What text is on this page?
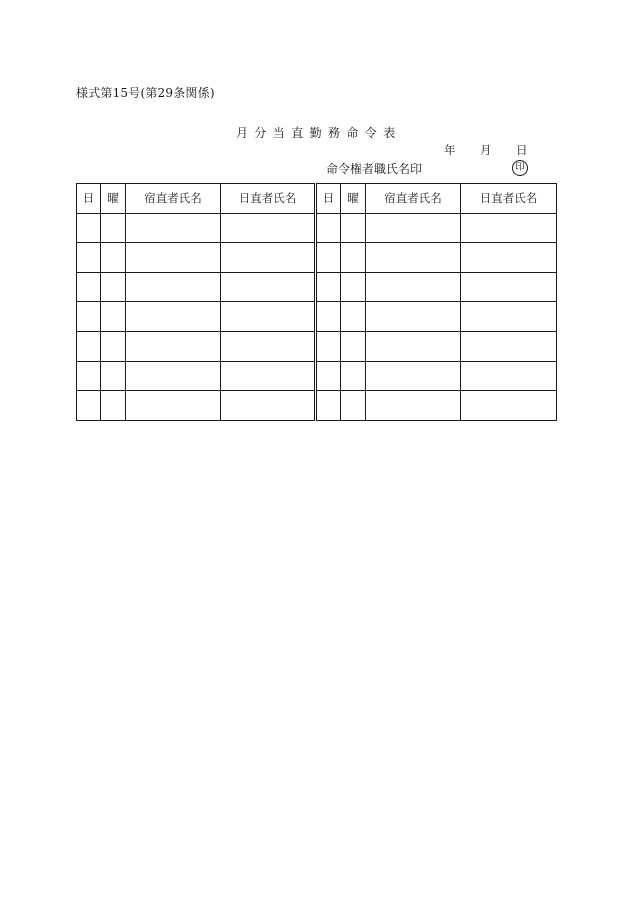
様式第15号(第29条関係)
月分当直勤務命令表
年 月 日
命令権者職氏名印	印
日	曜	宿直者氏名	日直者氏名	日	曜	宿直者氏名	日直者氏名
